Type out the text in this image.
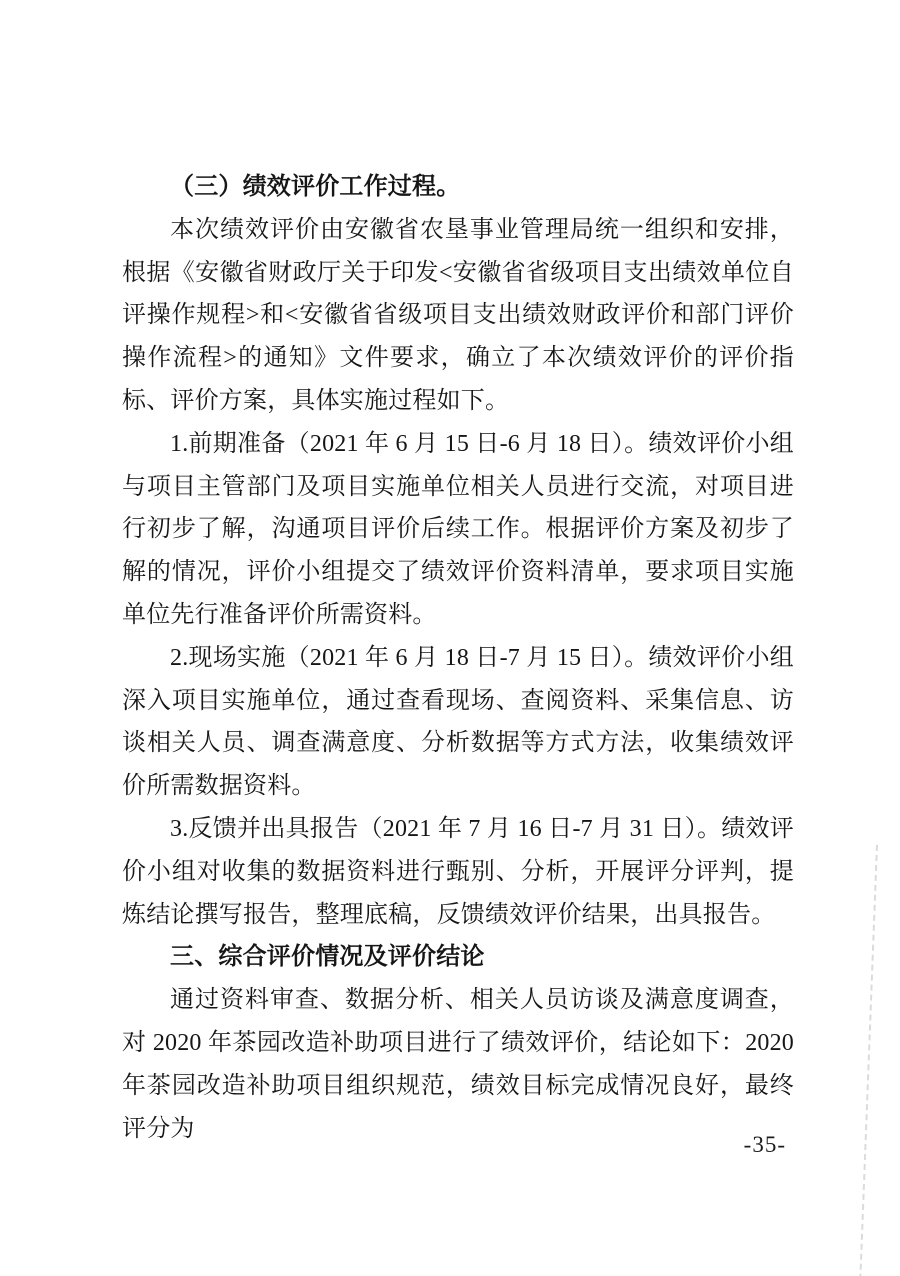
（三）绩效评价工作过程。

本次绩效评价由安徽省农垦事业管理局统一组织和安排，根据《安徽省财政厅关于印发<安徽省省级项目支出绩效单位自评操作规程>和<安徽省省级项目支出绩效财政评价和部门评价操作流程>的通知》文件要求，确立了本次绩效评价的评价指标、评价方案，具体实施过程如下。

1.前期准备（2021 年 6 月 15 日-6 月 18 日）。绩效评价小组与项目主管部门及项目实施单位相关人员进行交流，对项目进行初步了解，沟通项目评价后续工作。根据评价方案及初步了解的情况，评价小组提交了绩效评价资料清单，要求项目实施单位先行准备评价所需资料。

2.现场实施（2021 年 6 月 18 日-7 月 15 日）。绩效评价小组深入项目实施单位，通过查看现场、查阅资料、采集信息、访谈相关人员、调查满意度、分析数据等方式方法，收集绩效评价所需数据资料。

3.反馈并出具报告（2021 年 7 月 16 日-7 月 31 日）。绩效评价小组对收集的数据资料进行甄别、分析，开展评分评判，提炼结论撰写报告，整理底稿，反馈绩效评价结果，出具报告。

三、综合评价情况及评价结论

通过资料审查、数据分析、相关人员访谈及满意度调查，对 2020 年茶园改造补助项目进行了绩效评价，结论如下：2020 年茶园改造补助项目组织规范，绩效目标完成情况良好，最终评分为

-35-
